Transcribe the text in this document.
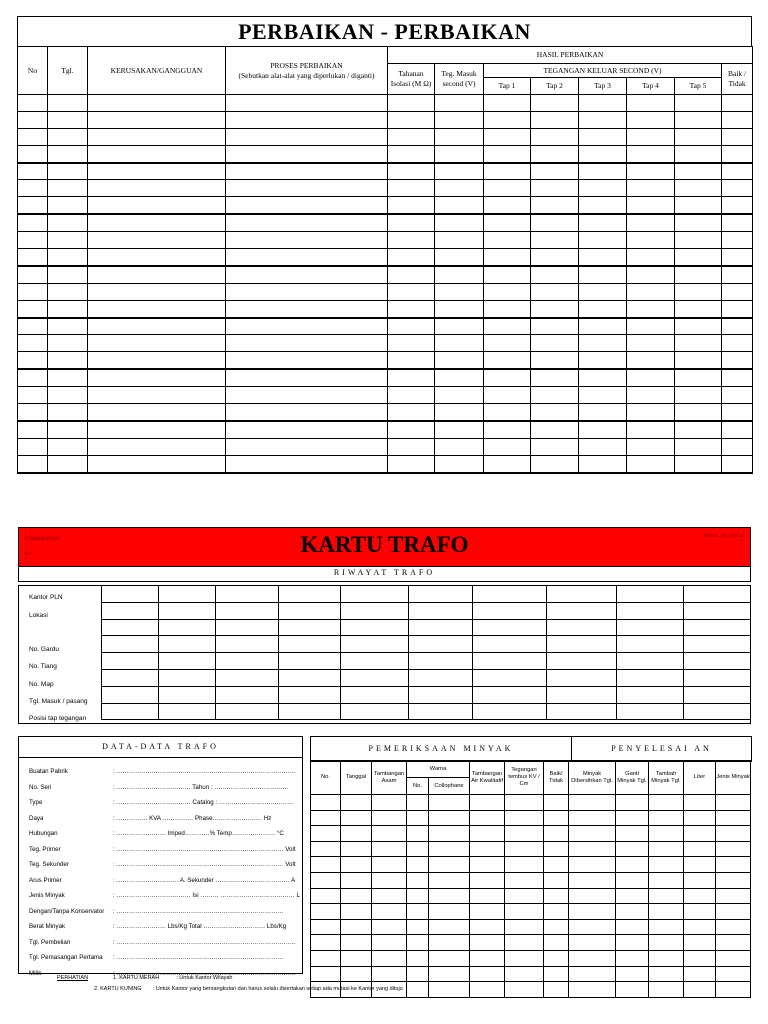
PERBAIKAN - PERBAIKAN
No	Tgl.	KERUSAKAN/GANGGUAN	PROSES PERBAIKAN
(Sebutkan alat-alat yang diperlukan / diganti)	HASIL PERBAIKAN							
				Tahanan Isolasi (M Ω)	Teg. Masuk second (V)	TEGANGAN KELUAR SECOND (V)					Baik / Tidak
						Tap 1	Tap 2	Tap 3	Tap 4	Tap 5	

NORMALISASI
No	KARTU TRAFO	Model : 02 / KRT /I
RIWAYAT TRAFO
Kantor PLN
Lokasi
No. Gardu
No. Tiang
No. Map
Tgl. Masuk / pasang
Posisi tap tegangan

DATA-DATA TRAFO
Buatan Pabrik	: ……………………………………………………………………………
No. Seri	: ……………………………… Tahun : ………………………………
Type	: ……………………………… Catalog : ………………………………
Daya	: …………… KVA …………… Phase…………………… Hz
Hubungan	: …………………… Imped…………% Temp………………… °C
Teg. Primer	: ……………………………………………………………………… Volt
Teg. Sekunder	: ……………………………………………………………………… Volt
Arus Primer	: ………………………… A. Sekunder ……………………………… A
Jenis Minyak	: ……………………………… Isi ……… ……………………………… L
Dengan/Tanpa Konservator : ………………………………………………………………………
Berat Minyak	: …………………… Lbs/Kg Total ………………………… Lbs/Kg
Tgl. Pembelian	: ……………………………………………………………………………
Tgl. Pemasangan Pertama : ………………………………………………………………………
Milik	: ……………………………………………………………………………
PEMERIKSAAN MINYAK	PENYELESAI AN
No.	Tanggal	Tambangan Asam	Warna		Tambangan Air Kwalitatif	Tegangan tembus KV / Cm	Baik/ Tidak	Minyak Dibersihkan Tgl.	Ganti Minyak Tgl.	Tambah Minyak Tgl.	Liter	Jenis Minyak
			No.	Collophane								

PERHATIAN	1. KARTU MERAH	: Untuk Kantor Wilayah
2. KARTU KUNING : Untuk Kantor yang bersangkutan dan harus selalu disertakan setiap ada mutasi ke Kantor yang dituju
